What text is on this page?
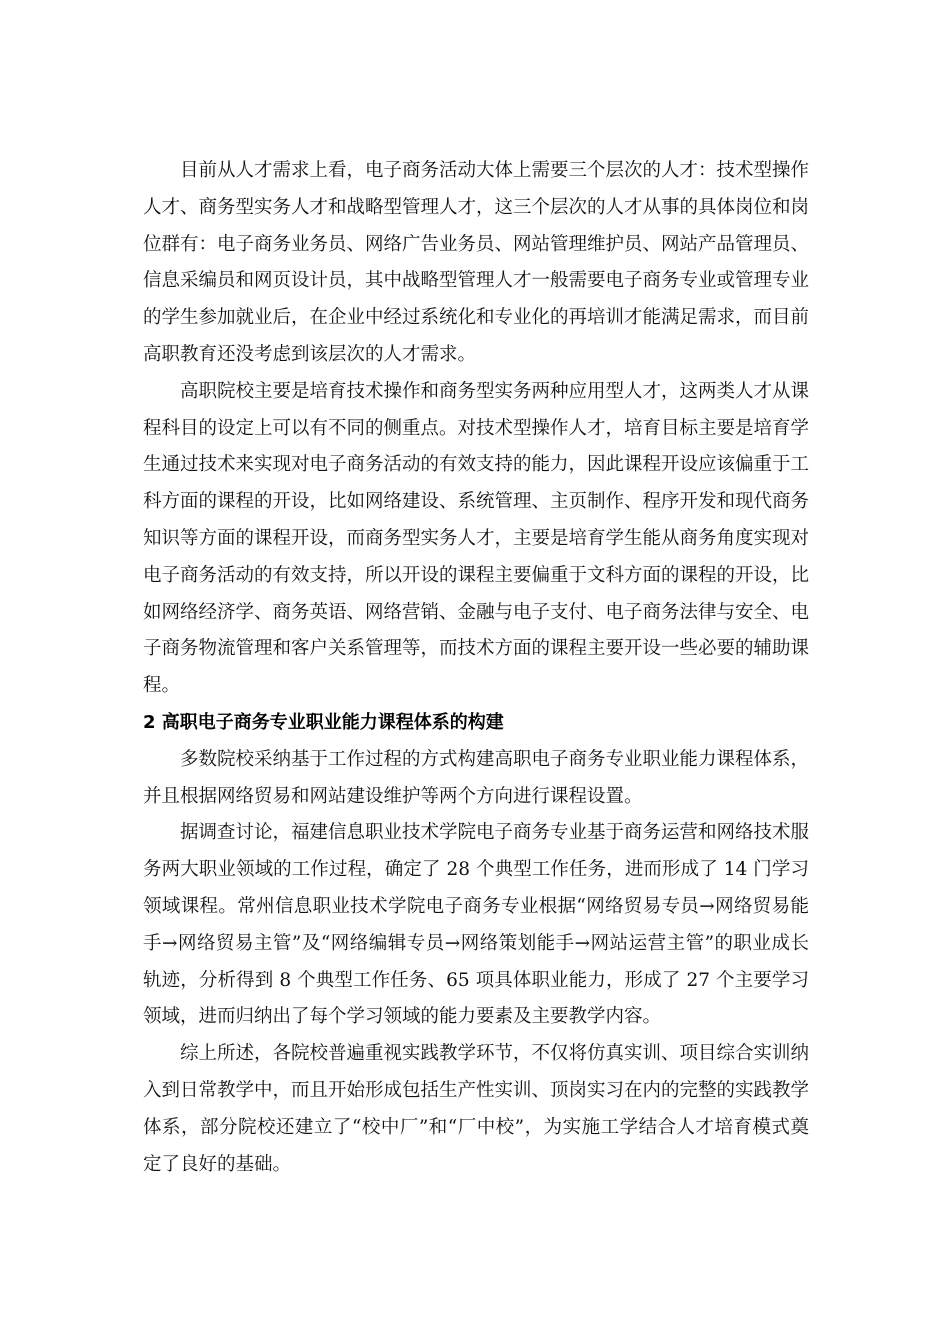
目前从人才需求上看，电子商务活动大体上需要三个层次的人才：技术型操作人才、商务型实务人才和战略型管理人才，这三个层次的人才从事的具体岗位和岗位群有：电子商务业务员、网络广告业务员、网站管理维护员、网站产品管理员、信息采编员和网页设计员，其中战略型管理人才一般需要电子商务专业或管理专业的学生参加就业后，在企业中经过系统化和专业化的再培训才能满足需求，而目前高职教育还没考虑到该层次的人才需求。

高职院校主要是培育技术操作和商务型实务两种应用型人才，这两类人才从课程科目的设定上可以有不同的侧重点。对技术型操作人才，培育目标主要是培育学生通过技术来实现对电子商务活动的有效支持的能力，因此课程开设应该偏重于工科方面的课程的开设，比如网络建设、系统管理、主页制作、程序开发和现代商务知识等方面的课程开设，而商务型实务人才，主要是培育学生能从商务角度实现对电子商务活动的有效支持，所以开设的课程主要偏重于文科方面的课程的开设，比如网络经济学、商务英语、网络营销、金融与电子支付、电子商务法律与安全、电子商务物流管理和客户关系管理等，而技术方面的课程主要开设一些必要的辅助课程。

2 高职电子商务专业职业能力课程体系的构建

多数院校采纳基于工作过程的方式构建高职电子商务专业职业能力课程体系，并且根据网络贸易和网站建设维护等两个方向进行课程设置。

据调查讨论，福建信息职业技术学院电子商务专业基于商务运营和网络技术服务两大职业领域的工作过程，确定了 28 个典型工作任务，进而形成了 14 门学习领域课程。常州信息职业技术学院电子商务专业根据“网络贸易专员→网络贸易能手→网络贸易主管”及“网络编辑专员→网络策划能手→网站运营主管”的职业成长轨迹，分析得到 8 个典型工作任务、65 项具体职业能力，形成了 27 个主要学习领域，进而归纳出了每个学习领域的能力要素及主要教学内容。

综上所述，各院校普遍重视实践教学环节，不仅将仿真实训、项目综合实训纳入到日常教学中，而且开始形成包括生产性实训、顶岗实习在内的完整的实践教学体系，部分院校还建立了“校中厂”和“厂中校”，为实施工学结合人才培育模式奠定了良好的基础。
